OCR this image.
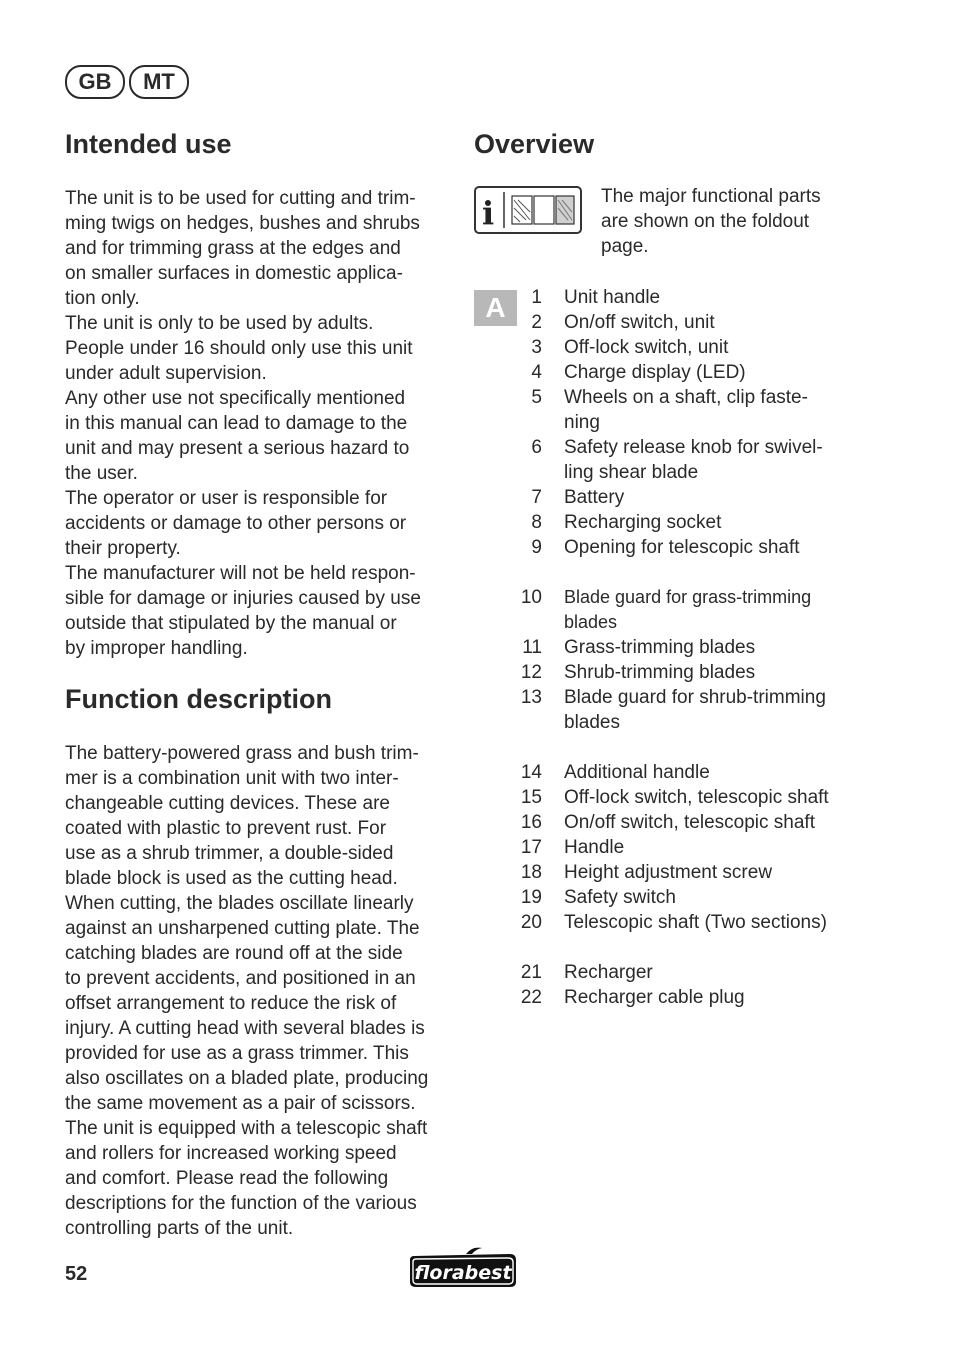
GB	MT
Intended use
The unit is to be used for cutting and trim-
ming twigs on hedges, bushes and shrubs
and for trimming grass at the edges and
on smaller surfaces in domestic applica-
tion only.
The unit is only to be used by adults.
People under 16 should only use this unit
under adult supervision.
Any other use not specifically mentioned
in this manual can lead to damage to the
unit and may present a serious hazard to
the user.
The operator or user is responsible for
accidents or damage to other persons or
their property.
The manufacturer will not be held respon-
sible for damage or injuries caused by use
outside that stipulated by the manual or
by improper handling.
Function description
The battery-powered grass and bush trim-
mer is a combination unit with two inter-
changeable cutting devices. These are
coated with plastic to prevent rust. For
use as a shrub trimmer, a double-sided
blade block is used as the cutting head.
When cutting, the blades oscillate linearly
against an unsharpened cutting plate. The
catching blades are round off at the side
to prevent accidents, and positioned in an
offset arrangement to reduce the risk of
injury. A cutting head with several blades is
provided for use as a grass trimmer. This
also oscillates on a bladed plate, producing
the same movement as a pair of scissors.
The unit is equipped with a telescopic shaft
and rollers for increased working speed
and comfort. Please read the following
descriptions for the function of the various
controlling parts of the unit.
Overview
i	The major functional parts
are shown on the foldout
page.
A	1 Unit handle
2 On/off switch, unit
3 Off-lock switch, unit
4 Charge display (LED)
5 Wheels on a shaft, clip faste-
ning
6 Safety release knob for swivel-
ling shear blade
7 Battery
8 Recharging socket
9 Opening for telescopic shaft
10 Blade guard for grass-trimming
blades
11 Grass-trimming blades
12 Shrub-trimming blades
13 Blade guard for shrub-trimming
blades
14 Additional handle
15 Off-lock switch, telescopic shaft
16 On/off switch, telescopic shaft
17 Handle
18 Height adjustment screw
19 Safety switch
20 Telescopic shaft (Two sections)
21 Recharger
22 Recharger cable plug
52	florabest
